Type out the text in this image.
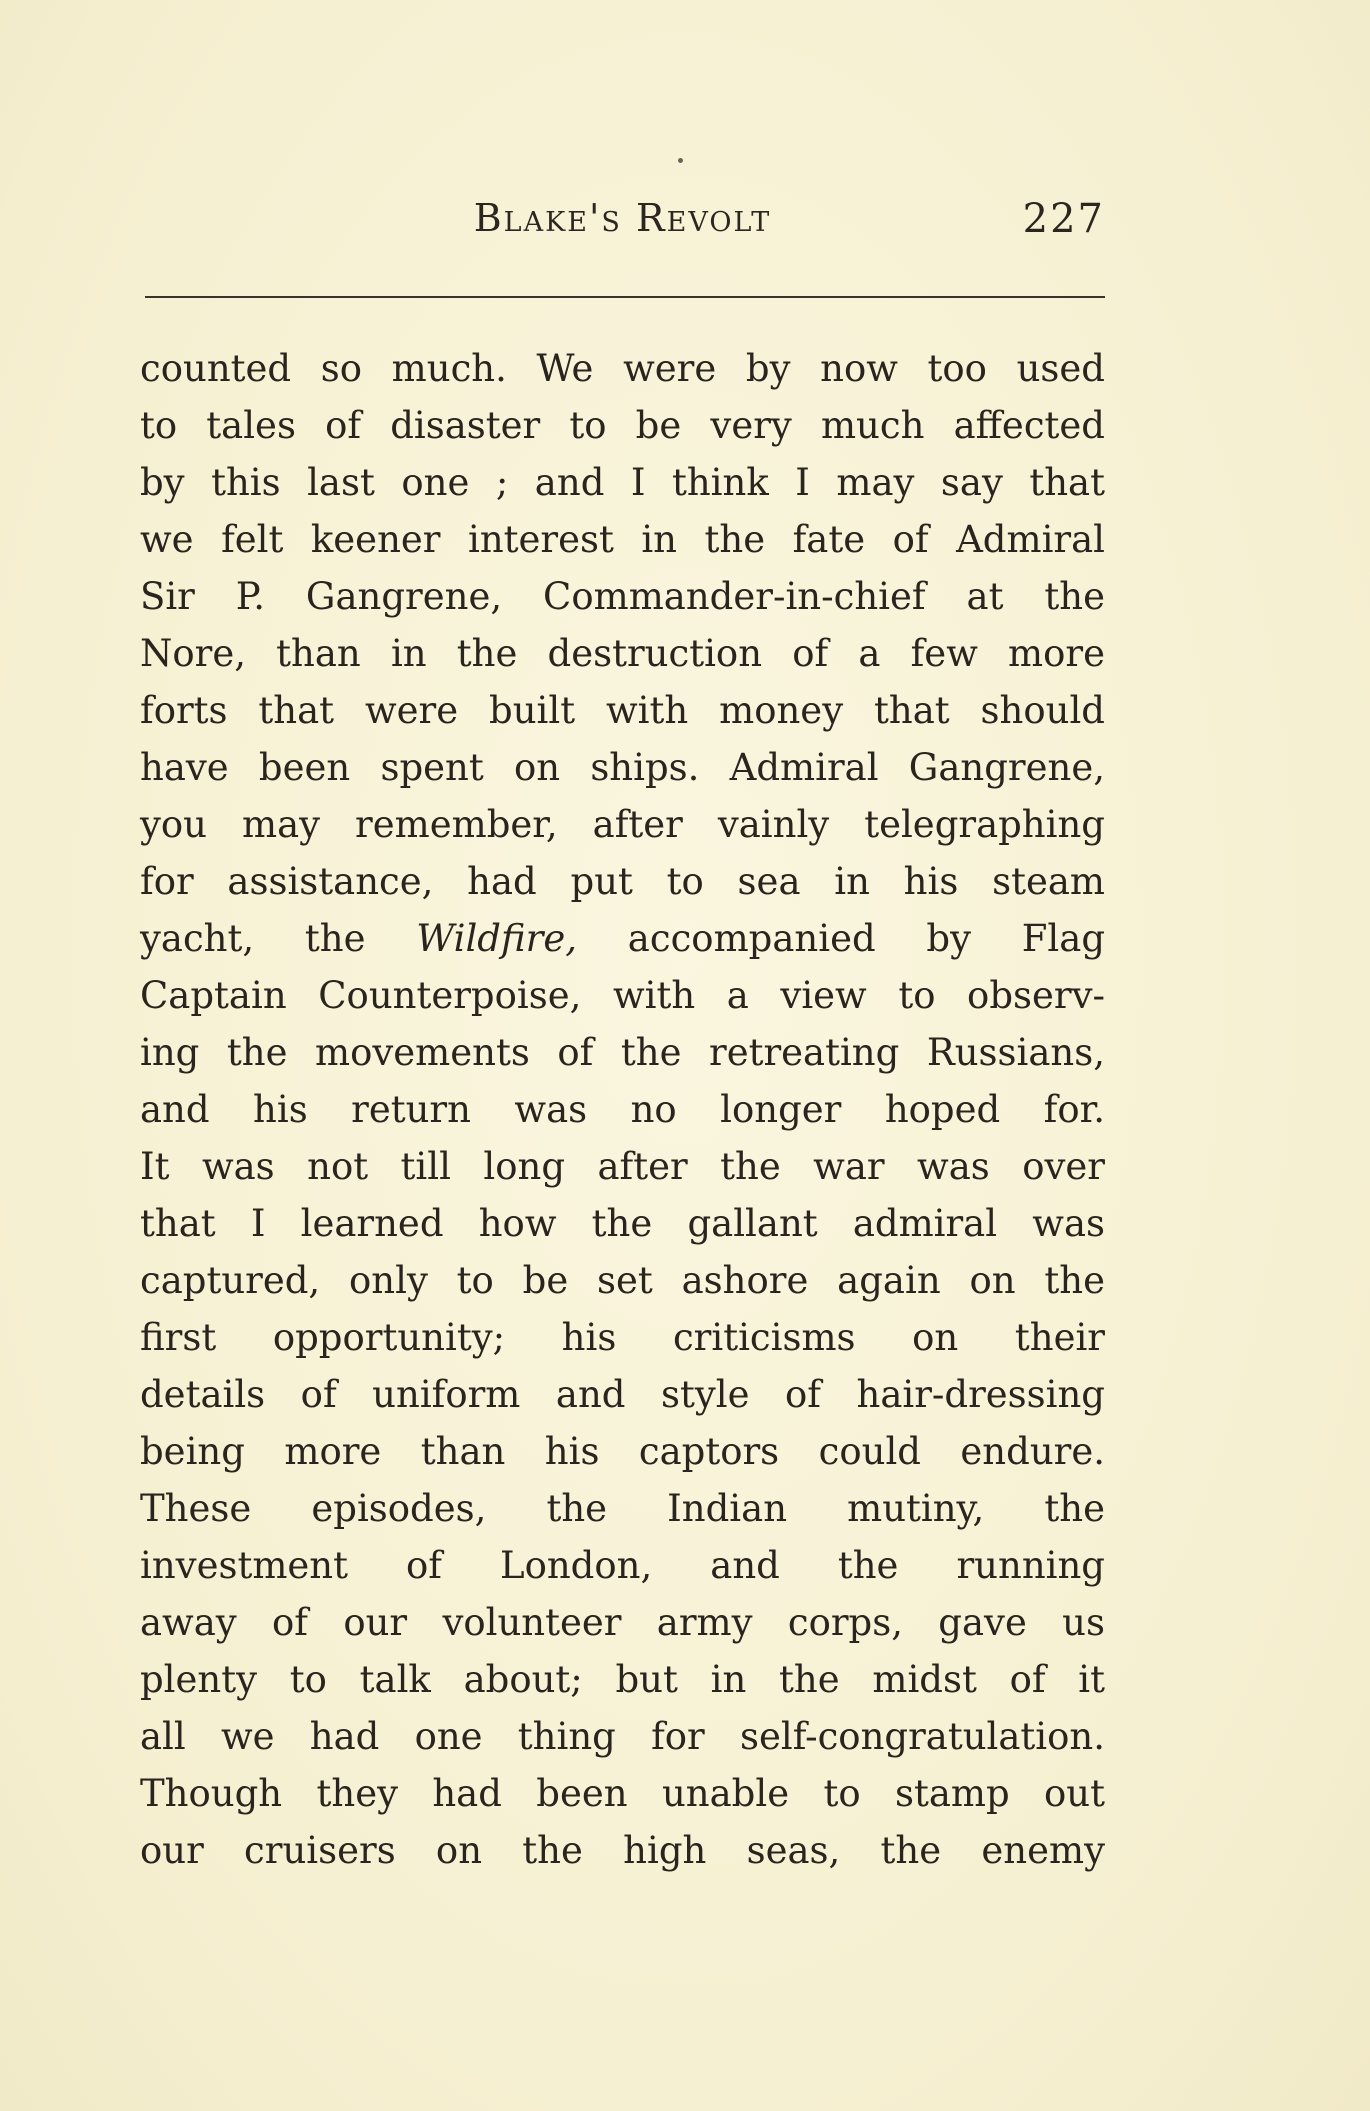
Blake's Revolt	227
counted so much. We were by now too used
to tales of disaster to be very much affected
by this last one ; and I think I may say that
we felt keener interest in the fate of Admiral
Sir P. Gangrene, Commander-in-chief at the
Nore, than in the destruction of a few more
forts that were built with money that should
have been spent on ships. Admiral Gangrene,
you may remember, after vainly telegraphing
for assistance, had put to sea in his steam
yacht, the Wildfire, accompanied by Flag
Captain Counterpoise, with a view to observ-
ing the movements of the retreating Russians,
and his return was no longer hoped for.
It was not till long after the war was over
that I learned how the gallant admiral was
captured, only to be set ashore again on the
first opportunity; his criticisms on their
details of uniform and style of hair-dressing
being more than his captors could endure.
These episodes, the Indian mutiny, the
investment of London, and the running
away of our volunteer army corps, gave us
plenty to talk about; but in the midst of it
all we had one thing for self-congratulation.
Though they had been unable to stamp out
our cruisers on the high seas, the enemy
